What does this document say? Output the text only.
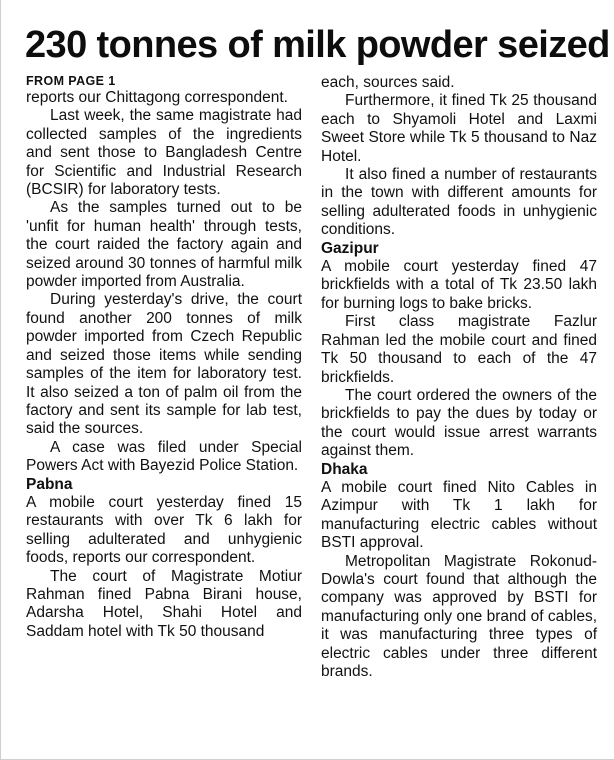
230 tonnes of milk powder seized
FROM PAGE 1

reports our Chittagong correspondent.

Last week, the same magistrate had collected samples of the ingredients and sent those to Bangladesh Centre for Scientific and Industrial Research (BCSIR) for laboratory tests.

As the samples turned out to be 'unfit for human health' through tests, the court raided the factory again and seized around 30 tonnes of harmful milk powder imported from Australia.

During yesterday's drive, the court found another 200 tonnes of milk powder imported from Czech Republic and seized those items while sending samples of the item for laboratory test. It also seized a ton of palm oil from the factory and sent its sample for lab test, said the sources.

A case was filed under Special Powers Act with Bayezid Police Station.

Pabna

A mobile court yesterday fined 15 restaurants with over Tk 6 lakh for selling adulterated and unhygienic foods, reports our correspondent.

The court of Magistrate Motiur Rahman fined Pabna Birani house, Adarsha Hotel, Shahi Hotel and Saddam hotel with Tk 50 thousand

each, sources said.

Furthermore, it fined Tk 25 thousand each to Shyamoli Hotel and Laxmi Sweet Store while Tk 5 thousand to Naz Hotel.

It also fined a number of restaurants in the town with different amounts for selling adulterated foods in unhygienic conditions.

Gazipur

A mobile court yesterday fined 47 brickfields with a total of Tk 23.50 lakh for burning logs to bake bricks.

First class magistrate Fazlur Rahman led the mobile court and fined Tk 50 thousand to each of the 47 brickfields.

The court ordered the owners of the brickfields to pay the dues by today or the court would issue arrest warrants against them.

Dhaka

A mobile court fined Nito Cables in Azimpur with Tk 1 lakh for manufacturing electric cables without BSTI approval.

Metropolitan Magistrate Rokonud-Dowla's court found that although the company was approved by BSTI for manufacturing only one brand of cables, it was manufacturing three types of electric cables under three different brands.
